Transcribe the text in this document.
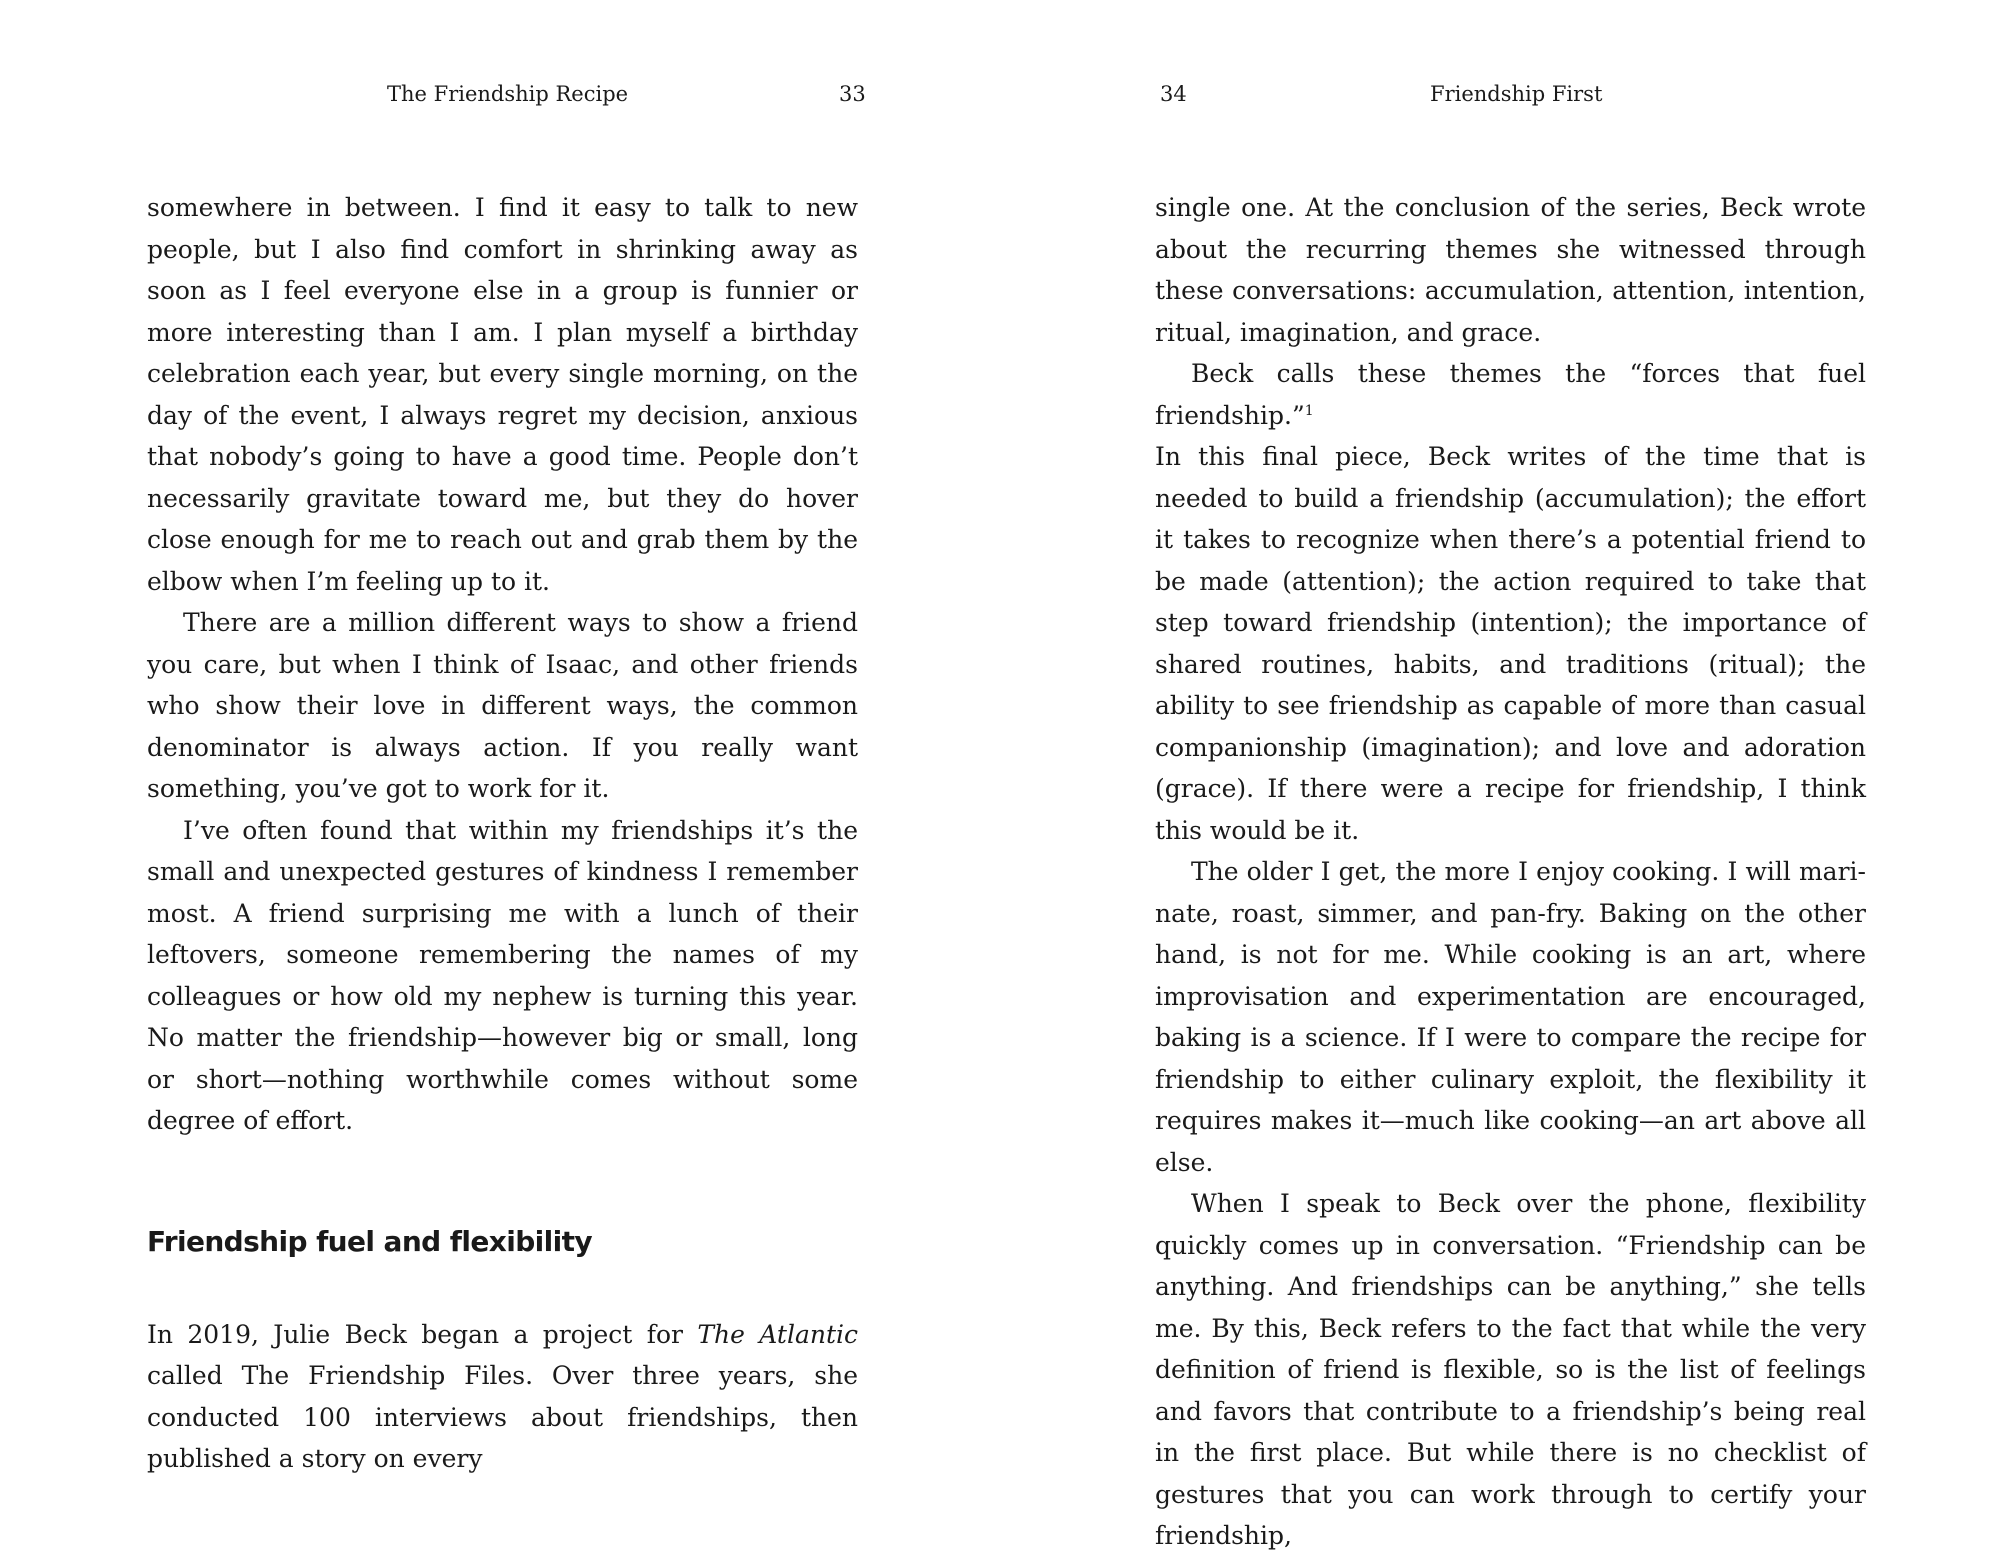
The Friendship Recipe	33

somewhere in between. I find it easy to talk to new people, but I also find comfort in shrinking away as soon as I feel everyone else in a group is funnier or more interesting than I am. I plan myself a birthday celebration each year, but every single morning, on the day of the event, I always regret my decision, anxious that nobody’s going to have a good time. People don’t necessarily gravitate toward me, but they do hover close enough for me to reach out and grab them by the elbow when I’m feeling up to it.

There are a million different ways to show a friend you care, but when I think of Isaac, and other friends who show their love in different ways, the common denominator is always action. If you really want something, you’ve got to work for it.

I’ve often found that within my friendships it’s the small and unexpected gestures of kindness I remember most. A friend surprising me with a lunch of their leftovers, someone remembering the names of my colleagues or how old my nephew is turning this year. No matter the friendship—however big or small, long or short—nothing worthwhile comes without some degree of effort.

Friendship fuel and flexibility

In 2019, Julie Beck began a project for The Atlantic called The Friendship Files. Over three years, she conducted 100 interviews about friendships, then published a story on every

34	Friendship First

single one. At the conclusion of the series, Beck wrote about the recurring themes she witnessed through these conversations: accumulation, attention, intention, ritual, imagination, and grace.

Beck calls these themes the “forces that fuel friendship.”$^1$

In this final piece, Beck writes of the time that is needed to build a friendship (accumulation); the effort it takes to recognize when there’s a potential friend to be made (attention); the action required to take that step toward friendship (intention); the importance of shared routines, habits, and traditions (ritual); the ability to see friendship as capable of more than casual companionship (imagination); and love and adoration (grace). If there were a recipe for friendship, I think this would be it.

The older I get, the more I enjoy cooking. I will marinate, roast, simmer, and pan-fry. Baking on the other hand, is not for me. While cooking is an art, where improvisation and experimentation are encouraged, baking is a science. If I were to compare the recipe for friendship to either culinary exploit, the flexibility it requires makes it—much like cooking—an art above all else.

When I speak to Beck over the phone, flexibility quickly comes up in conversation. “Friendship can be anything. And friendships can be anything,” she tells me. By this, Beck refers to the fact that while the very definition of friend is flexible, so is the list of feelings and favors that contribute to a friendship’s being real in the first place. But while there is no checklist of gestures that you can work through to certify your friendship,
